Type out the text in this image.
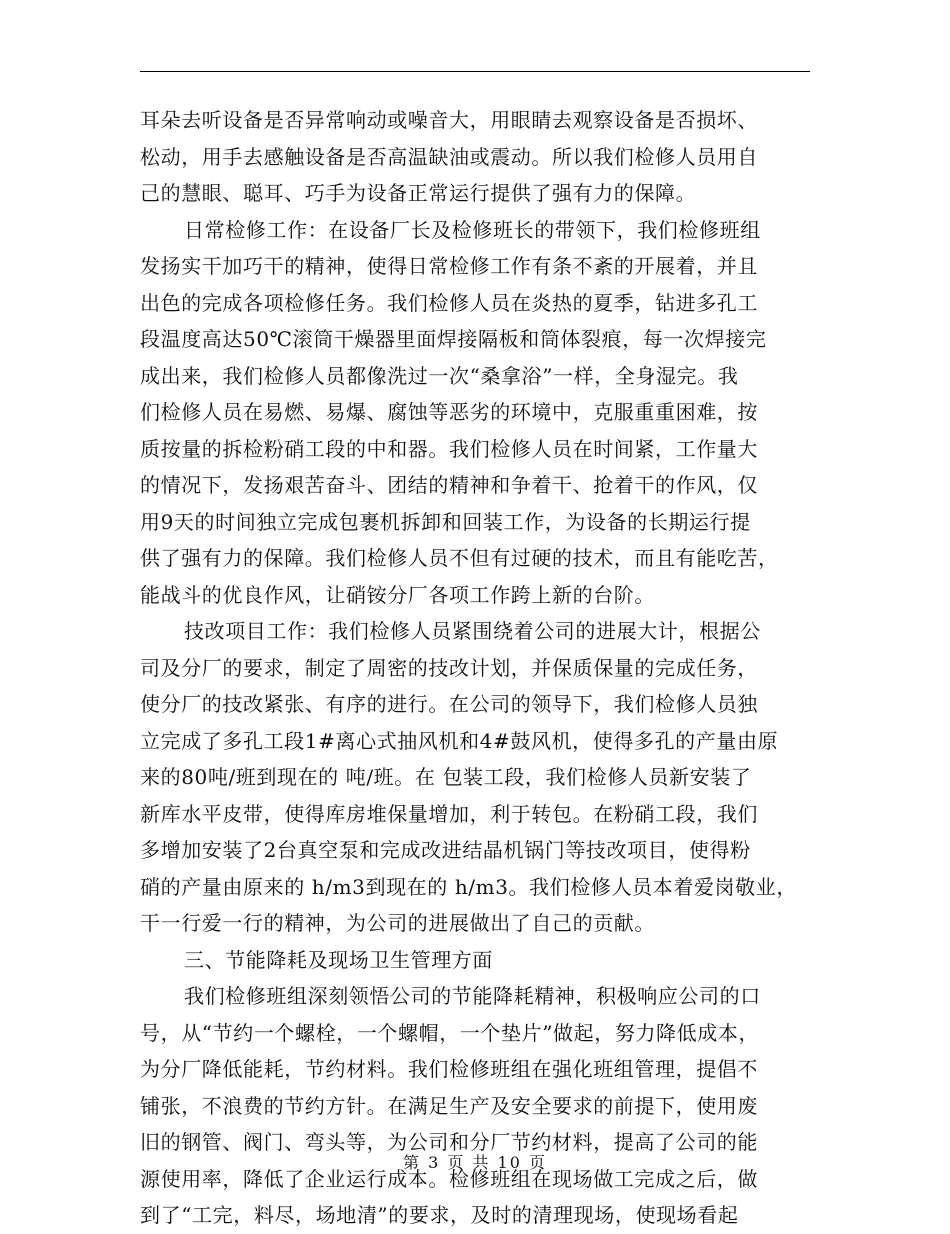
耳朵去听设备是否异常响动或噪音大，用眼睛去观察设备是否损坏、
松动，用手去感触设备是否高温缺油或震动。所以我们检修人员用自
己的慧眼、聪耳、巧手为设备正常运行提供了强有力的保障。
日常检修工作：在设备厂长及检修班长的带领下，我们检修班组
发扬实干加巧干的精神，使得日常检修工作有条不紊的开展着，并且
出色的完成各项检修任务。我们检修人员在炎热的夏季，钻进多孔工
段温度高达50℃滚筒干燥器里面焊接隔板和筒体裂痕，每一次焊接完
成出来，我们检修人员都像洗过一次“桑拿浴”一样，全身湿完。我
们检修人员在易燃、易爆、腐蚀等恶劣的环境中，克服重重困难，按
质按量的拆检粉硝工段的中和器。我们检修人员在时间紧，工作量大
的情况下，发扬艰苦奋斗、团结的精神和争着干、抢着干的作风，仅
用9天的时间独立完成包裹机拆卸和回装工作，为设备的长期运行提
供了强有力的保障。我们检修人员不但有过硬的技术，而且有能吃苦，
能战斗的优良作风，让硝铵分厂各项工作跨上新的台阶。
技改项目工作：我们检修人员紧围绕着公司的进展大计，根据公
司及分厂的要求，制定了周密的技改计划，并保质保量的完成任务，
使分厂的技改紧张、有序的进行。在公司的领导下，我们检修人员独
立完成了多孔工段1#离心式抽风机和4#鼓风机，使得多孔的产量由原
来的80吨/班到现在的 吨/班。在 包装工段，我们检修人员新安装了
新库水平皮带，使得库房堆保量增加，利于转包。在粉硝工段，我们
多增加安装了2台真空泵和完成改进结晶机锅门等技改项目，使得粉
硝的产量由原来的 h/m3到现在的 h/m3。我们检修人员本着爱岗敬业，
干一行爱一行的精神，为公司的进展做出了自己的贡献。
三、节能降耗及现场卫生管理方面
我们检修班组深刻领悟公司的节能降耗精神，积极响应公司的口
号，从“节约一个螺栓，一个螺帽，一个垫片”做起，努力降低成本，
为分厂降低能耗，节约材料。我们检修班组在强化班组管理，提倡不
铺张，不浪费的节约方针。在满足生产及安全要求的前提下，使用废
旧的钢管、阀门、弯头等，为公司和分厂节约材料，提高了公司的能
源使用率，降低了企业运行成本。检修班组在现场做工完成之后，做
到了“工完，料尽，场地清”的要求，及时的清理现场，使现场看起
第 3 页 共 10 页
